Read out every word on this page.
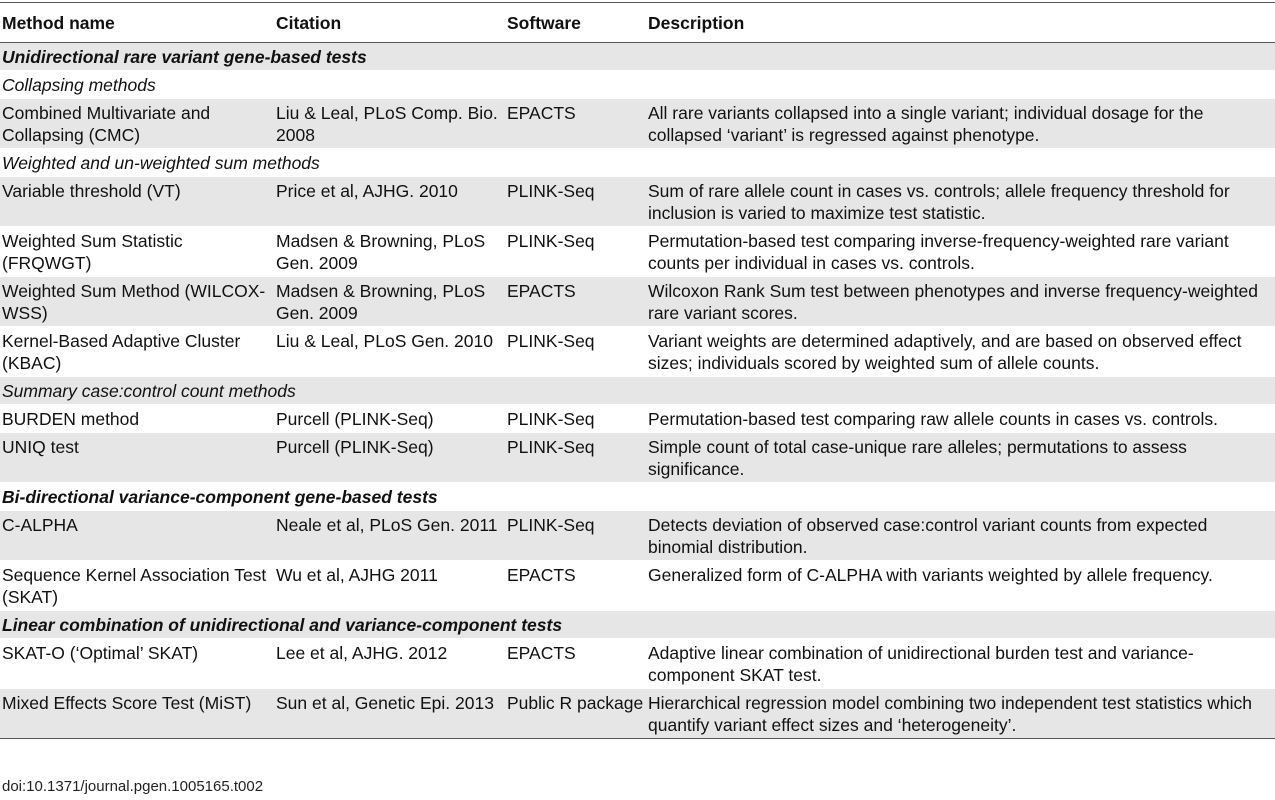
Method name	Citation	Software	Description
Unidirectional rare variant gene-based tests			
Collapsing methods			
Combined Multivariate and Collapsing (CMC)	Liu & Leal, PLoS Comp. Bio. 2008	EPACTS	All rare variants collapsed into a single variant; individual dosage for the collapsed ‘variant’ is regressed against phenotype.
Weighted and un-weighted sum methods			
Variable threshold (VT)	Price et al, AJHG. 2010	PLINK-Seq	Sum of rare allele count in cases vs. controls; allele frequency threshold for inclusion is varied to maximize test statistic.
Weighted Sum Statistic (FRQWGT)	Madsen & Browning, PLoS Gen. 2009	PLINK-Seq	Permutation-based test comparing inverse-frequency-weighted rare variant counts per individual in cases vs. controls.
Weighted Sum Method (WILCOX-WSS)	Madsen & Browning, PLoS Gen. 2009	EPACTS	Wilcoxon Rank Sum test between phenotypes and inverse frequency-weighted rare variant scores.
Kernel-Based Adaptive Cluster (KBAC)	Liu & Leal, PLoS Gen. 2010	PLINK-Seq	Variant weights are determined adaptively, and are based on observed effect sizes; individuals scored by weighted sum of allele counts.
Summary case:control count methods			
BURDEN method	Purcell (PLINK-Seq)	PLINK-Seq	Permutation-based test comparing raw allele counts in cases vs. controls.
UNIQ test	Purcell (PLINK-Seq)	PLINK-Seq	Simple count of total case-unique rare alleles; permutations to assess significance.
Bi-directional variance-component gene-based tests			
C-ALPHA	Neale et al, PLoS Gen. 2011	PLINK-Seq	Detects deviation of observed case:control variant counts from expected binomial distribution.
Sequence Kernel Association Test (SKAT)	Wu et al, AJHG 2011	EPACTS	Generalized form of C-ALPHA with variants weighted by allele frequency.
Linear combination of unidirectional and variance-component tests			
SKAT-O (‘Optimal’ SKAT)	Lee et al, AJHG. 2012	EPACTS	Adaptive linear combination of unidirectional burden test and variance-component SKAT test.
Mixed Effects Score Test (MiST)	Sun et al, Genetic Epi. 2013	Public R package	Hierarchical regression model combining two independent test statistics which quantify variant effect sizes and ‘heterogeneity’.
doi:10.1371/journal.pgen.1005165.t002
